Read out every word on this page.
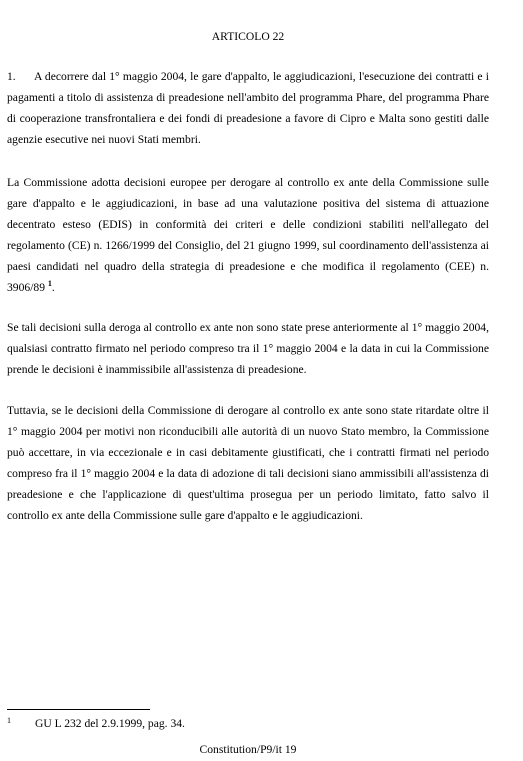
ARTICOLO 22

1. A decorrere dal 1° maggio 2004, le gare d'appalto, le aggiudicazioni, l'esecuzione dei contratti e i pagamenti a titolo di assistenza di preadesione nell'ambito del programma Phare, del programma Phare di cooperazione transfrontaliera e dei fondi di preadesione a favore di Cipro e Malta sono gestiti dalle agenzie esecutive nei nuovi Stati membri.

La Commissione adotta decisioni europee per derogare al controllo ex ante della Commissione sulle gare d'appalto e le aggiudicazioni, in base ad una valutazione positiva del sistema di attuazione decentrato esteso (EDIS) in conformità dei criteri e delle condizioni stabiliti nell'allegato del regolamento (CE) n. 1266/1999 del Consiglio, del 21 giugno 1999, sul coordinamento dell'assistenza ai paesi candidati nel quadro della strategia di preadesione e che modifica il regolamento (CEE) n. 3906/89 $^1$.

Se tali decisioni sulla deroga al controllo ex ante non sono state prese anteriormente al 1° maggio 2004, qualsiasi contratto firmato nel periodo compreso tra il 1° maggio 2004 e la data in cui la Commissione prende le decisioni è inammissibile all'assistenza di preadesione.

Tuttavia, se le decisioni della Commissione di derogare al controllo ex ante sono state ritardate oltre il 1° maggio 2004 per motivi non riconducibili alle autorità di un nuovo Stato membro, la Commissione può accettare, in via eccezionale e in casi debitamente giustificati, che i contratti firmati nel periodo compreso fra il 1° maggio 2004 e la data di adozione di tali decisioni siano ammissibili all'assistenza di preadesione e che l'applicazione di quest'ultima prosegua per un periodo limitato, fatto salvo il controllo ex ante della Commissione sulle gare d'appalto e le aggiudicazioni.

1 GU L 232 del 2.9.1999, pag. 34.
Constitution/P9/it 19
